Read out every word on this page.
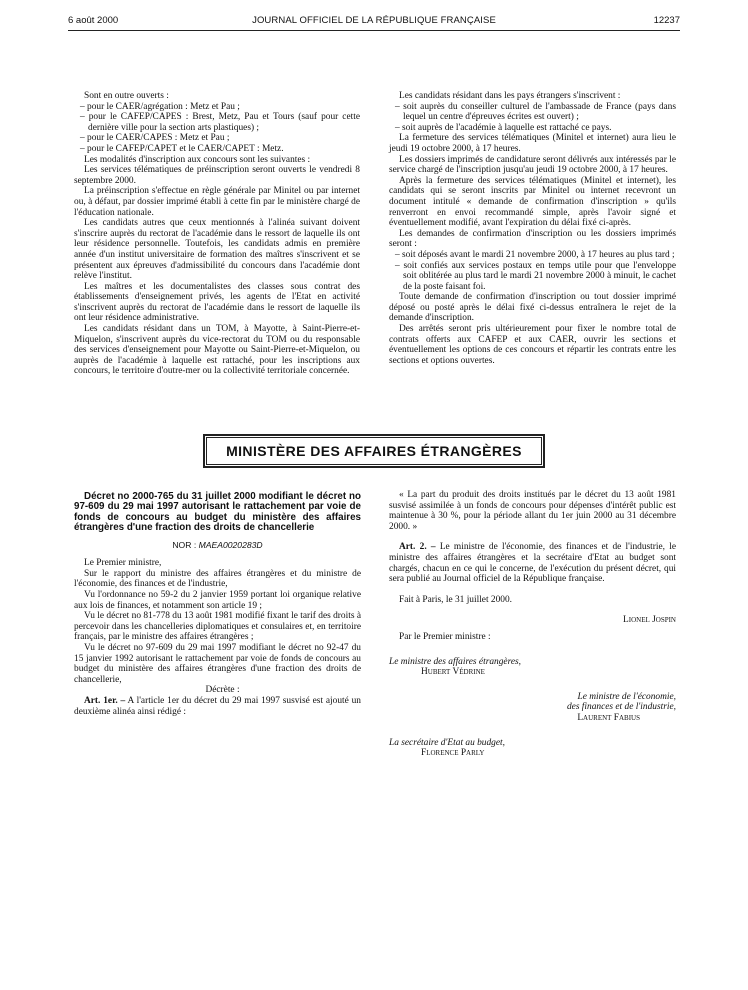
6 août 2000	JOURNAL OFFICIEL DE LA RÉPUBLIQUE FRANÇAISE	12237

Sont en outre ouverts :

– pour le CAER/agrégation : Metz et Pau ;

– pour le CAFEP/CAPES : Brest, Metz, Pau et Tours (sauf pour cette dernière ville pour la section arts plastiques) ;

– pour le CAER/CAPES : Metz et Pau ;

– pour le CAFEP/CAPET et le CAER/CAPET : Metz.

Les modalités d'inscription aux concours sont les suivantes :

Les services télématiques de préinscription seront ouverts le vendredi 8 septembre 2000.

La préinscription s'effectue en règle générale par Minitel ou par internet ou, à défaut, par dossier imprimé établi à cette fin par le ministère chargé de l'éducation nationale.

Les candidats autres que ceux mentionnés à l'alinéa suivant doivent s'inscrire auprès du rectorat de l'académie dans le ressort de laquelle ils ont leur résidence personnelle. Toutefois, les candidats admis en première année d'un institut universitaire de formation des maîtres s'inscrivent et se présentent aux épreuves d'admissibilité du concours dans l'académie dont relève l'institut.

Les maîtres et les documentalistes des classes sous contrat des établissements d'enseignement privés, les agents de l'Etat en activité s'inscrivent auprès du rectorat de l'académie dans le ressort de laquelle ils ont leur résidence administrative.

Les candidats résidant dans un TOM, à Mayotte, à Saint-Pierre-et-Miquelon, s'inscrivent auprès du vice-rectorat du TOM ou du responsable des services d'enseignement pour Mayotte ou Saint-Pierre-et-Miquelon, ou auprès de l'académie à laquelle est rattaché, pour les inscriptions aux concours, le territoire d'outre-mer ou la collectivité territoriale concernée.

Les candidats résidant dans les pays étrangers s'inscrivent :

– soit auprès du conseiller culturel de l'ambassade de France (pays dans lequel un centre d'épreuves écrites est ouvert) ;

– soit auprès de l'académie à laquelle est rattaché ce pays.

La fermeture des services télématiques (Minitel et internet) aura lieu le jeudi 19 octobre 2000, à 17 heures.

Les dossiers imprimés de candidature seront délivrés aux intéressés par le service chargé de l'inscription jusqu'au jeudi 19 octobre 2000, à 17 heures.

Après la fermeture des services télématiques (Minitel et internet), les candidats qui se seront inscrits par Minitel ou internet recevront un document intitulé « demande de confirmation d'inscription » qu'ils renverront en envoi recommandé simple, après l'avoir signé et éventuellement modifié, avant l'expiration du délai fixé ci-après.

Les demandes de confirmation d'inscription ou les dossiers imprimés seront :

– soit déposés avant le mardi 21 novembre 2000, à 17 heures au plus tard ;

– soit confiés aux services postaux en temps utile pour que l'enveloppe soit oblitérée au plus tard le mardi 21 novembre 2000 à minuit, le cachet de la poste faisant foi.

Toute demande de confirmation d'inscription ou tout dossier imprimé déposé ou posté après le délai fixé ci-dessus entraînera le rejet de la demande d'inscription.

Des arrêtés seront pris ultérieurement pour fixer le nombre total de contrats offerts aux CAFEP et aux CAER, ouvrir les sections et éventuellement les options de ces concours et répartir les contrats entre les sections et options ouvertes.

MINISTÈRE DES AFFAIRES ÉTRANGÈRES

Décret no 2000-765 du 31 juillet 2000 modifiant le décret no 97-609 du 29 mai 1997 autorisant le rattachement par voie de fonds de concours au budget du ministère des affaires étrangères d'une fraction des droits de chancellerie

NOR : MAEA0020283D

Le Premier ministre,

Sur le rapport du ministre des affaires étrangères et du ministre de l'économie, des finances et de l'industrie,

Vu l'ordonnance no 59-2 du 2 janvier 1959 portant loi organique relative aux lois de finances, et notamment son article 19 ;

Vu le décret no 81-778 du 13 août 1981 modifié fixant le tarif des droits à percevoir dans les chancelleries diplomatiques et consulaires et, en territoire français, par le ministre des affaires étrangères ;

Vu le décret no 97-609 du 29 mai 1997 modifiant le décret no 92-47 du 15 janvier 1992 autorisant le rattachement par voie de fonds de concours au budget du ministère des affaires étrangères d'une fraction des droits de chancellerie,

Décrète :

Art. 1er. – A l'article 1er du décret du 29 mai 1997 susvisé est ajouté un deuxième alinéa ainsi rédigé :

« La part du produit des droits institués par le décret du 13 août 1981 susvisé assimilée à un fonds de concours pour dépenses d'intérêt public est maintenue à 30 %, pour la période allant du 1er juin 2000 au 31 décembre 2000. »

Art. 2. – Le ministre de l'économie, des finances et de l'industrie, le ministre des affaires étrangères et la secrétaire d'Etat au budget sont chargés, chacun en ce qui le concerne, de l'exécution du présent décret, qui sera publié au Journal officiel de la République française.

Fait à Paris, le 31 juillet 2000.

Lionel Jospin

Par le Premier ministre :

Le ministre des affaires étrangères,

Hubert Védrine

Le ministre de l'économie,

des finances et de l'industrie,

Laurent Fabius

La secrétaire d'Etat au budget,

Florence Parly
